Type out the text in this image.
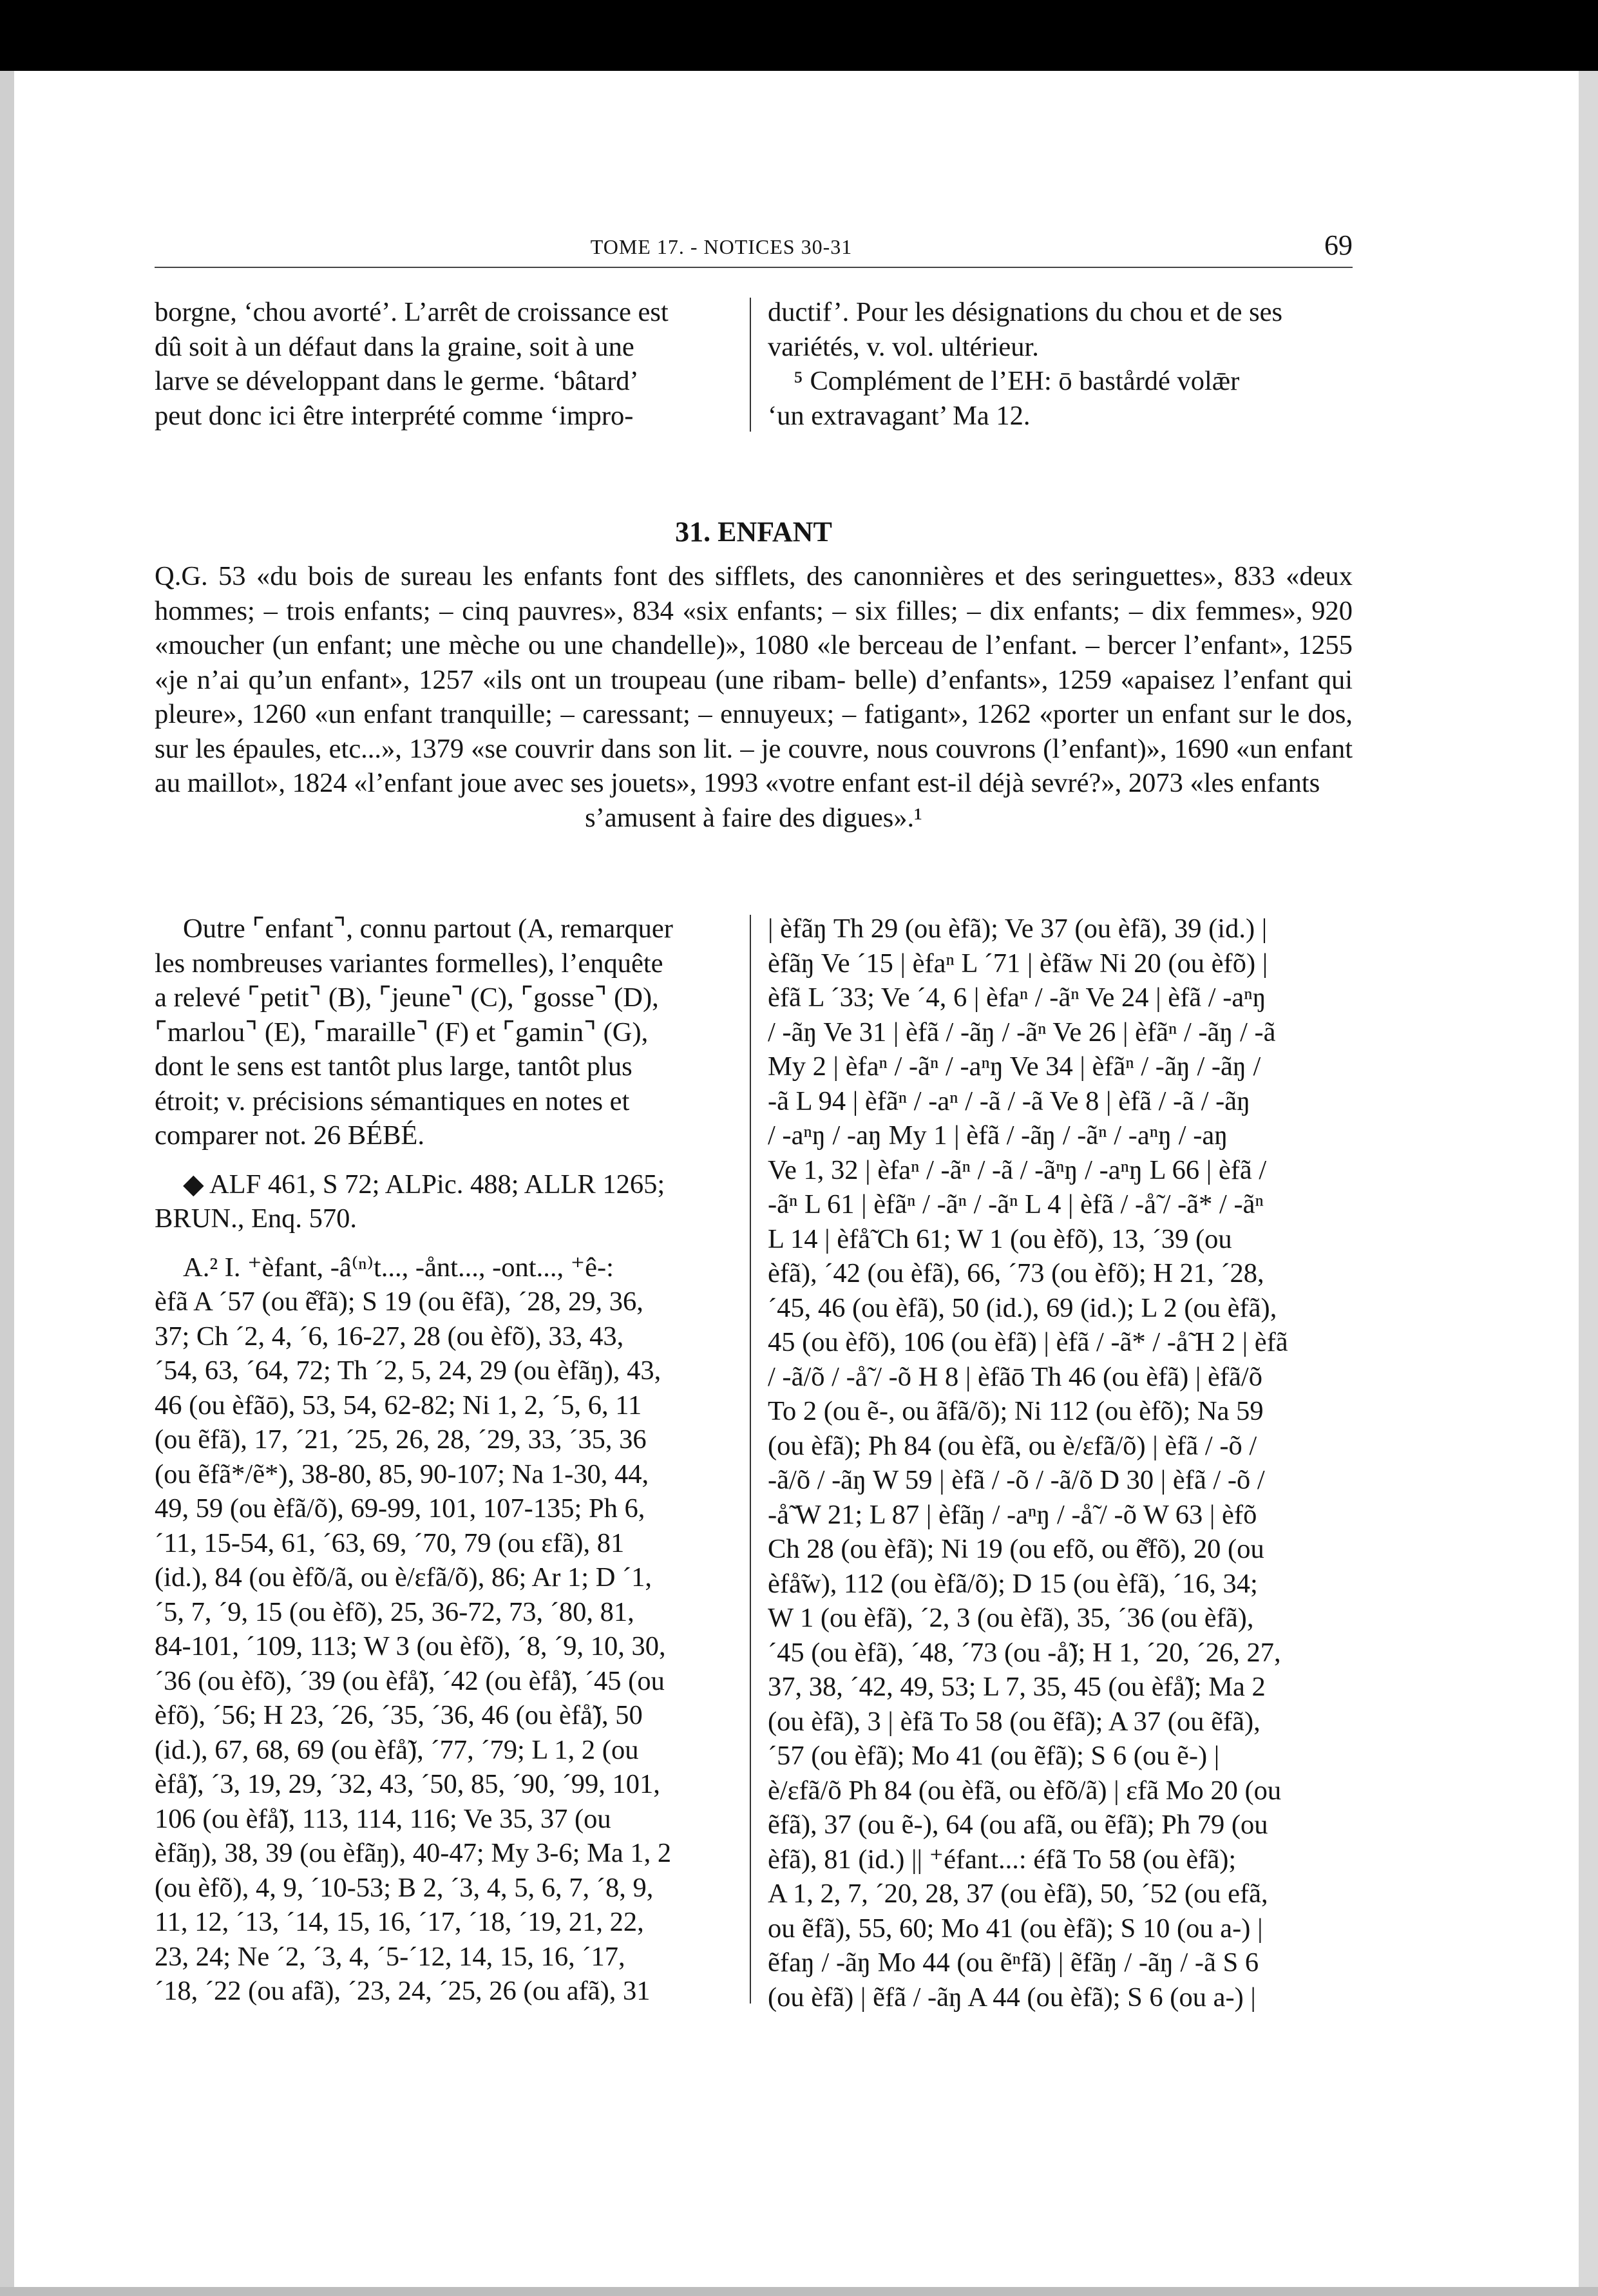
TOME 17. - NOTICES 30-31	69
borgne, ‘chou avorté’. L’arrêt de croissance est
dû soit à un défaut dans la graine, soit à une
larve se développant dans le germe. ‘bâtard’
peut donc ici être interprété comme ‘impro-
ductif’. Pour les désignations du chou et de ses
variétés, v. vol. ultérieur.
⁵ Complément de l’EH: ō bastårdé volǣr
‘un extravagant’ Ma 12.
31. ENFANT
Q.G. 53 «du bois de sureau les enfants font des sifflets, des canonnières et des seringuettes», 833 «deux hommes; – trois enfants; – cinq pauvres», 834 «six enfants; – six filles; – dix enfants; – dix femmes», 920 «moucher (un enfant; une mèche ou une chandelle)», 1080 «le berceau de l’enfant. – bercer l’enfant», 1255 «je n’ai qu’un enfant», 1257 «ils ont un troupeau (une ribam- belle) d’enfants», 1259 «apaisez l’enfant qui pleure», 1260 «un enfant tranquille; – caressant; – ennuyeux; – fatigant», 1262 «porter un enfant sur le dos, sur les épaules, etc...», 1379 «se couvrir dans son lit. – je couvre, nous couvrons (l’enfant)», 1690 «un enfant au maillot», 1824 «l’enfant joue avec ses jouets», 1993 «votre enfant est-il déjà sevré?», 2073 «les enfants
s’amusent à faire des digues».¹
Outre ⌜enfant⌝, connu partout (A, remarquer
les nombreuses variantes formelles), l’enquête
a relevé ⌜petit⌝ (B), ⌜jeune⌝ (C), ⌜gosse⌝ (D),
⌜marlou⌝ (E), ⌜maraille⌝ (F) et ⌜gamin⌝ (G),
dont le sens est tantôt plus large, tantôt plus
étroit; v. précisions sémantiques en notes et
comparer not. 26 BÉBÉ.
◆ ALF 461, S 72; ALPic. 488; ALLR 1265;
BRUN., Enq. 570.
A.² I. ⁺èfant, -â⁽ⁿ⁾t..., -ånt..., -ont..., ⁺ê-:
èfã A ´57 (ou ẽ̊fã); S 19 (ou ẽfã), ´28, 29, 36,
37; Ch ´2, 4, ´6, 16-27, 28 (ou èfõ), 33, 43,
´54, 63, ´64, 72; Th ´2, 5, 24, 29 (ou èfãŋ), 43,
46 (ou èfãō), 53, 54, 62-82; Ni 1, 2, ´5, 6, 11
(ou ẽfã), 17, ´21, ´25, 26, 28, ´29, 33, ´35, 36
(ou ẽfã*/ẽ*), 38-80, 85, 90-107; Na 1-30, 44,
49, 59 (ou èfã/õ), 69-99, 101, 107-135; Ph 6,
´11, 15-54, 61, ´63, 69, ´70, 79 (ou ɛfã), 81
(id.), 84 (ou èfõ/ã, ou è/ɛfã/õ), 86; Ar 1; D ´1,
´5, 7, ´9, 15 (ou èfõ), 25, 36-72, 73, ´80, 81,
84-101, ´109, 113; W 3 (ou èfõ), ´8, ´9, 10, 30,
´36 (ou èfõ), ´39 (ou èfå̃), ´42 (ou èfå̃), ´45 (ou
èfõ), ´56; H 23, ´26, ´35, ´36, 46 (ou èfå̃), 50
(id.), 67, 68, 69 (ou èfå̃), ´77, ´79; L 1, 2 (ou
èfå̃), ´3, 19, 29, ´32, 43, ´50, 85, ´90, ´99, 101,
106 (ou èfå̃), 113, 114, 116; Ve 35, 37 (ou
èfãŋ), 38, 39 (ou èfãŋ), 40-47; My 3-6; Ma 1, 2
(ou èfõ), 4, 9, ´10-53; B 2, ´3, 4, 5, 6, 7, ´8, 9,
11, 12, ´13, ´14, 15, 16, ´17, ´18, ´19, 21, 22,
23, 24; Ne ´2, ´3, 4, ´5-´12, 14, 15, 16, ´17,
´18, ´22 (ou afã), ´23, 24, ´25, 26 (ou afã), 31
| èfãŋ Th 29 (ou èfã); Ve 37 (ou èfã), 39 (id.) |
èfãŋ Ve ´15 | èfaⁿ L ´71 | èfãw Ni 20 (ou èfõ) |
èfã L ´33; Ve ´4, 6 | èfaⁿ / -ãⁿ Ve 24 | èfã / -aⁿŋ
/ -ãŋ Ve 31 | èfã / -ãŋ / -ãⁿ Ve 26 | èfãⁿ / -ãŋ / -ã
My 2 | èfaⁿ / -ãⁿ / -aⁿŋ Ve 34 | èfãⁿ / -ãŋ / -ãŋ /
-ã L 94 | èfãⁿ / -aⁿ / -ã / -ã Ve 8 | èfã / -ã / -ãŋ
/ -aⁿŋ / -aŋ My 1 | èfã / -ãŋ / -ãⁿ / -aⁿŋ / -aŋ
Ve 1, 32 | èfaⁿ / -ãⁿ / -ã / -ãⁿŋ / -aⁿŋ L 66 | èfã /
-ãⁿ L 61 | èfãⁿ / -ãⁿ / -ãⁿ L 4 | èfã / -å̃ / -ã* / -ãⁿ
L 14 | èfå̃ Ch 61; W 1 (ou èfõ), 13, ´39 (ou
èfã), ´42 (ou èfã), 66, ´73 (ou èfõ); H 21, ´28,
´45, 46 (ou èfã), 50 (id.), 69 (id.); L 2 (ou èfã),
45 (ou èfõ), 106 (ou èfã) | èfã / -ã* / -å̃ H 2 | èfã
/ -ã/õ / -å̃ / -õ H 8 | èfãō Th 46 (ou èfã) | èfã/õ
To 2 (ou ẽ-, ou ãfã/õ); Ni 112 (ou èfõ); Na 59
(ou èfã); Ph 84 (ou èfã, ou è/ɛfã/õ) | èfã / -õ /
-ã/õ / -ãŋ W 59 | èfã / -õ / -ã/õ D 30 | èfã / -õ /
-å̃ W 21; L 87 | èfãŋ / -aⁿŋ / -å̃ / -õ W 63 | èfõ
Ch 28 (ou èfã); Ni 19 (ou efõ, ou ẽ̊fõ), 20 (ou
èfå̃w), 112 (ou èfã/õ); D 15 (ou èfã), ´16, 34;
W 1 (ou èfã), ´2, 3 (ou èfã), 35, ´36 (ou èfã),
´45 (ou èfã), ´48, ´73 (ou -å̃); H 1, ´20, ´26, 27,
37, 38, ´42, 49, 53; L 7, 35, 45 (ou èfå̃); Ma 2
(ou èfã), 3 | èfã To 58 (ou ẽfã); A 37 (ou ẽfã),
´57 (ou èfã); Mo 41 (ou ẽfã); S 6 (ou ẽ-) |
è/ɛfã/õ Ph 84 (ou èfã, ou èfõ/ã) | ɛfã Mo 20 (ou
ẽfã), 37 (ou ẽ-), 64 (ou afã, ou ẽfã); Ph 79 (ou
èfã), 81 (id.) || ⁺éfant...: éfã To 58 (ou èfã);
A 1, 2, 7, ´20, 28, 37 (ou èfã), 50, ´52 (ou efã,
ou ẽfã), 55, 60; Mo 41 (ou èfã); S 10 (ou a-) |
ẽfaŋ / -ãŋ Mo 44 (ou ẽⁿfã) | ẽfãŋ / -ãŋ / -ã S 6
(ou èfã) | ẽfã / -ãŋ A 44 (ou èfã); S 6 (ou a-) |
